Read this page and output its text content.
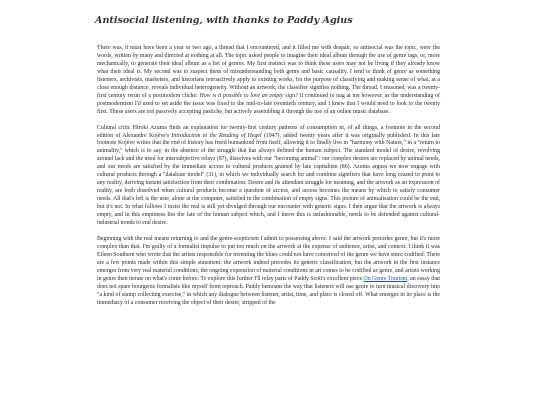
Antisocial listening, with thanks to Paddy Agius

There was, it must have been a year or two ago, a thread that I encountered, and it filled me with despair, so antisocial was the topic, were the words, written by many and directed at nothing at all. The topic asked people to imagine their ideal album through the use of genre tags, or, more mechanically, to generate their ideal album as a list of genres. My first instinct was to think these users may not be living if they already know what their ideal is. My second was to suspect them of misunderstanding both genre and basic causality. I tend to think of genre as something listeners, archivists, marketers, and historians retroactively apply to existing works, for the purpose of classifying and making sense of what, at a close enough distance, reveals individual heterogeneity. Without an artwork, the classifier signifies nothing. The thread, I reasoned, was a twenty-first century rerun of a postmodern cliche: How is it possible to love an empty sign? It continued to nag at me however, as the understanding of postmodernism I'd used to set aside the issue was fixed to the mid-to-late twentieth century, and I knew that I would need to look to the twenty first. These users are not passively accepting pastiche, but actively assembling it through the use of an online music database.

Cultural critic Hiroki Azuma finds an explanation for twenty-first century patterns of consumption in, of all things, a footnote in the second edition of Alexandre Kojève's Introduction to the Reading of Hegel (1947), added twenty years after it was originally published. In this late footnote Kojève writes that the end of history has freed humankind from itself, allowing it to finally live in "harmony with Nature," in a "return to animality," which is to say, in the absence of the struggle that has always defined the human subject. The standard model of desire, revolving around lack and the need for intersubjective relays (87), dissolves with our "becoming animal": our complex desires are replaced by animal needs, and our needs are satisfied by the immediate access to cultural products granted by late capitalism (86). Azuma argues we now engage with cultural products through a "database model" (31), in which we individually search for and combine signifiers that have long ceased to point to any reality, deriving instant satisfaction from their combination. Desire and its attendant struggle for meaning, and the artwork as an expression of reality, are both dissolved when cultural products become a question of access, and access becomes the means by which to satisfy consumer needs. All that's left is the user, alone at the computer, satisfied in the combination of empty signs. This picture of animalisation could be the end, but it's not. In what follows I insist the real is still yet divulged through our encounter with generic signs. I then argue that the artwork is always empty, and in this emptiness lies the fate of the human subject which, and I know this is unfashionable, needs to be defended against cultural-industrial trends to end desire.

Beginning with the real means returning to and the genre-scepticism I admit to possessing above. I said the artwork precedes genre, but it's more complex than that. I'm guilty of a formalist impulse to put too much on the artwork at the expense of audience, artist, and context. I think it was Eileen Southern who wrote that the artists responsible for inventing the blues could not have conceived of the genre we have since codified. There are a few points made within this simple statement: the artwork indeed precedes its generic classification, but the artwork in the first instance emerges from very real material conditions, the ongoing expression of material conditions in art comes to be codified as genre, and artists working in genre then iterate on what's come before. To explore this further I'll relay parts of Paddy Scott's excellent piece On Genre Tourism, an essay that does not spare bourgeois formalists like myself from reproach. Paddy bemoans the way that listeners will use genre to turn musical discovery into "a kind of stamp collecting exercise," in which any dialogue between listener, artist, time, and place is closed off. What emerges in its place is the immediacy of a consumer receiving the object of their desire, stripped of the
